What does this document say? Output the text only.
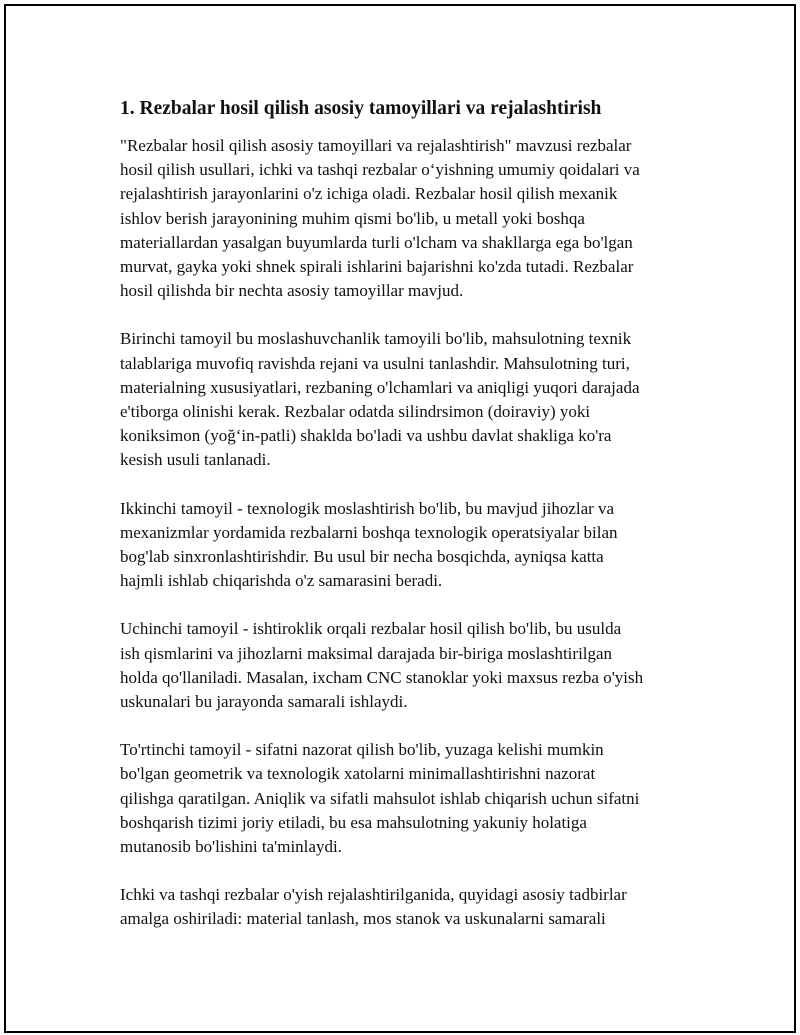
1. Rezbalar hosil qilish asosiy tamoyillari va rejalashtirish

"Rezbalar hosil qilish asosiy tamoyillari va rejalashtirish" mavzusi rezbalar
hosil qilish usullari, ichki va tashqi rezbalar o‘yishning umumiy qoidalari va
rejalashtirish jarayonlarini o'z ichiga oladi. Rezbalar hosil qilish mexanik
ishlov berish jarayonining muhim qismi bo'lib, u metall yoki boshqa
materiallardan yasalgan buyumlarda turli o'lcham va shakllarga ega bo'lgan
murvat, gayka yoki shnek spirali ishlarini bajarishni ko'zda tutadi. Rezbalar
hosil qilishda bir nechta asosiy tamoyillar mavjud.

Birinchi tamoyil bu moslashuvchanlik tamoyili bo'lib, mahsulotning texnik
talablariga muvofiq ravishda rejani va usulni tanlashdir. Mahsulotning turi,
materialning xususiyatlari, rezbaning o'lchamlari va aniqligi yuqori darajada
e'tiborga olinishi kerak. Rezbalar odatda silindrsimon (doiraviy) yoki
koniksimon (yoğ‘in-patli) shaklda bo'ladi va ushbu davlat shakliga ko'ra
kesish usuli tanlanadi.

Ikkinchi tamoyil - texnologik moslashtirish bo'lib, bu mavjud jihozlar va
mexanizmlar yordamida rezbalarni boshqa texnologik operatsiyalar bilan
bog'lab sinxronlashtirishdir. Bu usul bir necha bosqichda, ayniqsa katta
hajmli ishlab chiqarishda o'z samarasini beradi.

Uchinchi tamoyil - ishtiroklik orqali rezbalar hosil qilish bo'lib, bu usulda
ish qismlarini va jihozlarni maksimal darajada bir-biriga moslashtirilgan
holda qo'llaniladi. Masalan, ixcham CNC stanoklar yoki maxsus rezba o'yish
uskunalari bu jarayonda samarali ishlaydi.

To'rtinchi tamoyil - sifatni nazorat qilish bo'lib, yuzaga kelishi mumkin
bo'lgan geometrik va texnologik xatolarni minimallashtirishni nazorat
qilishga qaratilgan. Aniqlik va sifatli mahsulot ishlab chiqarish uchun sifatni
boshqarish tizimi joriy etiladi, bu esa mahsulotning yakuniy holatiga
mutanosib bo'lishini ta'minlaydi.

Ichki va tashqi rezbalar o'yish rejalashtirilganida, quyidagi asosiy tadbirlar
amalga oshiriladi: material tanlash, mos stanok va uskunalarni samarali
